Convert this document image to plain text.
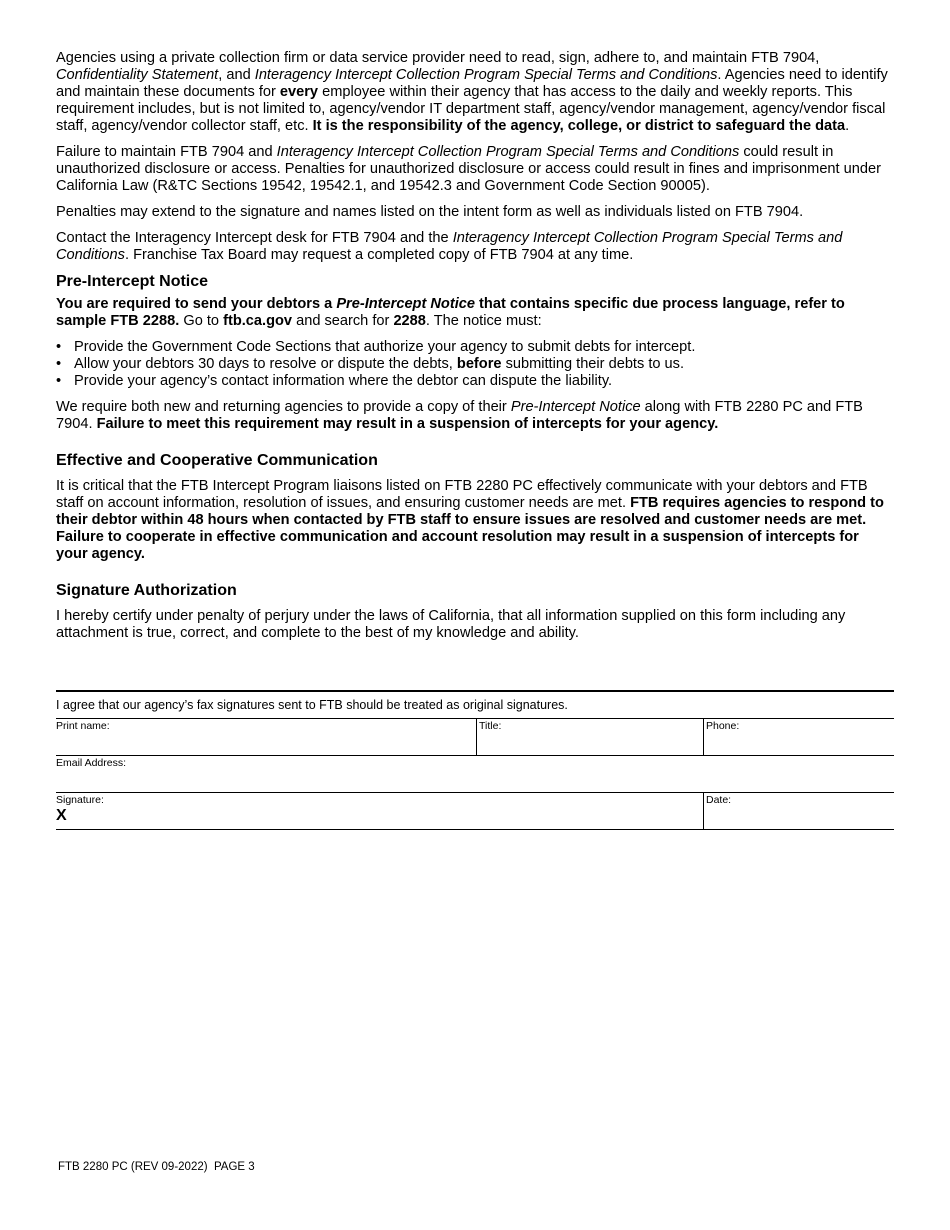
Agencies using a private collection firm or data service provider need to read, sign, adhere to, and maintain FTB 7904, Confidentiality Statement, and Interagency Intercept Collection Program Special Terms and Conditions. Agencies need to identify and maintain these documents for every employee within their agency that has access to the daily and weekly reports. This requirement includes, but is not limited to, agency/vendor IT department staff, agency/vendor management, agency/vendor fiscal staff, agency/vendor collector staff, etc. It is the responsibility of the agency, college, or district to safeguard the data.

Failure to maintain FTB 7904 and Interagency Intercept Collection Program Special Terms and Conditions could result in unauthorized disclosure or access. Penalties for unauthorized disclosure or access could result in fines and imprisonment under California Law (R&TC Sections 19542, 19542.1, and 19542.3 and Government Code Section 90005).

Penalties may extend to the signature and names listed on the intent form as well as individuals listed on FTB 7904.

Contact the Interagency Intercept desk for FTB 7904 and the Interagency Intercept Collection Program Special Terms and Conditions. Franchise Tax Board may request a completed copy of FTB 7904 at any time.

Pre-Intercept Notice

You are required to send your debtors a Pre-Intercept Notice that contains specific due process language, refer to sample FTB 2288. Go to ftb.ca.gov and search for 2288. The notice must:

• Provide the Government Code Sections that authorize your agency to submit debts for intercept.
• Allow your debtors 30 days to resolve or dispute the debts, before submitting their debts to us.
• Provide your agency’s contact information where the debtor can dispute the liability.

We require both new and returning agencies to provide a copy of their Pre-Intercept Notice along with FTB 2280 PC and FTB 7904. Failure to meet this requirement may result in a suspension of intercepts for your agency.

Effective and Cooperative Communication

It is critical that the FTB Intercept Program liaisons listed on FTB 2280 PC effectively communicate with your debtors and FTB staff on account information, resolution of issues, and ensuring customer needs are met. FTB requires agencies to respond to their debtor within 48 hours when contacted by FTB staff to ensure issues are resolved and customer needs are met. Failure to cooperate in effective communication and account resolution may result in a suspension of intercepts for your agency.

Signature Authorization

I hereby certify under penalty of perjury under the laws of California, that all information supplied on this form including any attachment is true, correct, and complete to the best of my knowledge and ability.

I agree that our agency’s fax signatures sent to FTB should be treated as original signatures.
Print name:	Title:	Phone:
Email Address:
Signature:
X
Date:
FTB 2280 PC (REV 09-2022)  PAGE 3
